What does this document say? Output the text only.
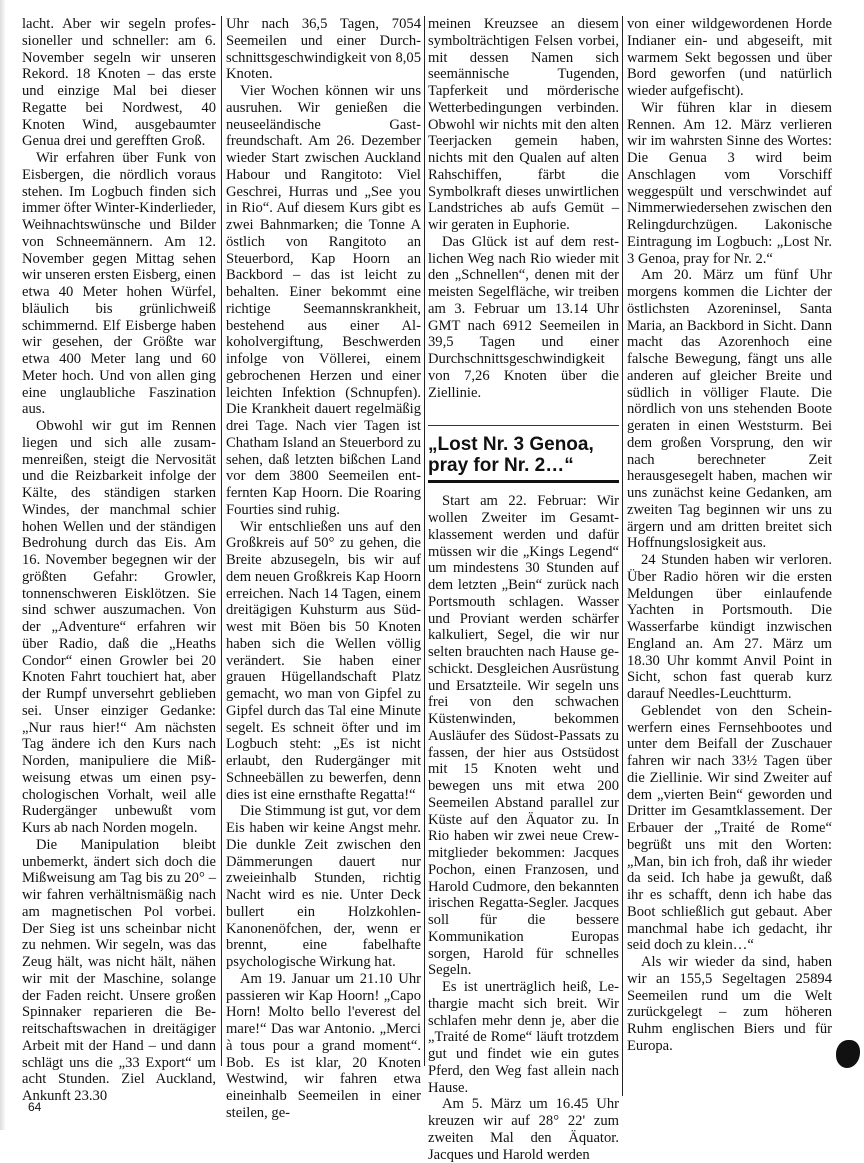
lacht. Aber wir segeln professioneller und schneller: am 6. November segeln wir unseren Rekord. 18 Knoten – das erste und einzige Mal bei dieser Regatte bei Nordwest, 40 Knoten Wind, ausgebaumter Genua drei und gerefften Groß.

Wir erfahren über Funk von Eisbergen, die nördlich voraus stehen. Im Logbuch finden sich immer öfter Winter-Kinderlieder, Weihnachtswünsche und Bilder von Schneemännern. Am 12. November gegen Mittag sehen wir unseren ersten Eisberg, einen etwa 40 Meter hohen Würfel, bläulich bis grünlichweiß schimmernd. Elf Eisberge haben wir gesehen, der Größte war etwa 400 Meter lang und 60 Meter hoch. Und von allen ging eine unglaubliche Faszination aus.

Obwohl wir gut im Rennen liegen und sich alle zusammenreißen, steigt die Nervosität und die Reizbarkeit infolge der Kälte, des ständigen starken Windes, der manchmal schier hohen Wellen und der ständigen Bedrohung durch das Eis. Am 16. November begegnen wir der größten Gefahr: Growler, tonnenschweren Eisklötzen. Sie sind schwer auszumachen. Von der „Adventure“ erfahren wir über Radio, daß die „Heaths Condor“ einen Growler bei 20 Knoten Fahrt touchiert hat, aber der Rumpf unversehrt geblieben sei. Unser einziger Gedanke: „Nur raus hier!“ Am nächsten Tag ändere ich den Kurs nach Norden, manipuliere die Mißweisung etwas um einen psychologischen Vorhalt, weil alle Rudergänger unbewußt vom Kurs ab nach Norden mogeln.

Die Manipulation bleibt unbemerkt, ändert sich doch die Mißweisung am Tag bis zu 20° – wir fahren verhältnismäßig nach am magnetischen Pol vorbei. Der Sieg ist uns scheinbar nicht zu nehmen. Wir segeln, was das Zeug hält, was nicht hält, nähen wir mit der Maschine, solange der Faden reicht. Unsere großen Spinnaker reparieren die Bereitschaftswachen in dreitägiger Arbeit mit der Hand – und dann schlägt uns die „33 Export“ um acht Stunden. Ziel Auckland, Ankunft 23.30

Uhr nach 36,5 Tagen, 7054 Seemeilen und einer Durchschnittsgeschwindigkeit von 8,05 Knoten.

Vier Wochen können wir uns ausruhen. Wir genießen die neuseeländische Gastfreundschaft. Am 26. Dezember wieder Start zwischen Auckland Habour und Rangitoto: Viel Geschrei, Hurras und „See you in Rio“. Auf diesem Kurs gibt es zwei Bahnmarken; die Tonne A östlich von Rangitoto an Steuerbord, Kap Hoorn an Backbord – das ist leicht zu behalten. Einer bekommt eine richtige Seemannskrankheit, bestehend aus einer Alkoholvergiftung, Beschwerden infolge von Völlerei, einem gebrochenen Herzen und einer leichten Infektion (Schnupfen). Die Krankheit dauert regelmäßig drei Tage. Nach vier Tagen ist Chatham Island an Steuerbord zu sehen, daß letzten bißchen Land vor dem 3800 Seemeilen entfernten Kap Hoorn. Die Roaring Fourties sind ruhig.

Wir entschließen uns auf den Großkreis auf 50° zu gehen, die Breite abzusegeln, bis wir auf dem neuen Großkreis Kap Hoorn erreichen. Nach 14 Tagen, einem dreitägigen Kuhsturm aus Südwest mit Böen bis 50 Knoten haben sich die Wellen völlig verändert. Sie haben einer grauen Hügellandschaft Platz gemacht, wo man von Gipfel zu Gipfel durch das Tal eine Minute segelt. Es schneit öfter und im Logbuch steht: „Es ist nicht erlaubt, den Rudergänger mit Schneebällen zu bewerfen, denn dies ist eine ernsthafte Regatta!“

Die Stimmung ist gut, vor dem Eis haben wir keine Angst mehr. Die dunkle Zeit zwischen den Dämmerungen dauert nur zweieinhalb Stunden, richtig Nacht wird es nie. Unter Deck bullert ein Holzkohlen-Kanonenöfchen, der, wenn er brennt, eine fabelhafte psychologische Wirkung hat.

Am 19. Januar um 21.10 Uhr passieren wir Kap Hoorn! „Capo Horn! Molto bello l'everest del mare!“ Das war Antonio. „Merci à tous pour a grand moment“. Bob. Es ist klar, 20 Knoten Westwind, wir fahren etwa eineinhalb Seemeilen in einer steilen, ge-

meinen Kreuzsee an diesem symbolträchtigen Felsen vorbei, mit dessen Namen sich seemännische Tugenden, Tapferkeit und mörderische Wetterbedingungen verbinden. Obwohl wir nichts mit den alten Teerjacken gemein haben, nichts mit den Qualen auf alten Rahschiffen, färbt die Symbolkraft dieses unwirtlichen Landstriches ab aufs Gemüt – wir geraten in Euphorie.

Das Glück ist auf dem restlichen Weg nach Rio wieder mit den „Schnellen“, denen mit der meisten Segelfläche, wir treiben am 3. Februar um 13.14 Uhr GMT nach 6912 Seemeilen in 39,5 Tagen und einer Durchschnittsgeschwindigkeit von 7,26 Knoten über die Ziellinie.

„Lost Nr. 3 Genoa, pray for Nr. 2…“

Start am 22. Februar: Wir wollen Zweiter im Gesamtklassement werden und dafür müssen wir die „Kings Legend“ um mindestens 30 Stunden auf dem letzten „Bein“ zurück nach Portsmouth schlagen. Wasser und Proviant werden schärfer kalkuliert, Segel, die wir nur selten brauchten nach Hause geschickt. Desgleichen Ausrüstung und Ersatzteile. Wir segeln uns frei von den schwachen Küstenwinden, bekommen Ausläufer des Südost-Passats zu fassen, der hier aus Ostsüdost mit 15 Knoten weht und bewegen uns mit etwa 200 Seemeilen Abstand parallel zur Küste auf den Äquator zu. In Rio haben wir zwei neue Crewmitglieder bekommen: Jacques Pochon, einen Franzosen, und Harold Cudmore, den bekannten irischen Regatta-Segler. Jacques soll für die bessere Kommunikation Europas sorgen, Harold für schnelles Segeln.

Es ist unerträglich heiß, Lethargie macht sich breit. Wir schlafen mehr denn je, aber die „Traité de Rome“ läuft trotzdem gut und findet wie ein gutes Pferd, den Weg fast allein nach Hause.

Am 5. März um 16.45 Uhr kreuzen wir auf 28° 22' zum zweiten Mal den Äquator. Jacques und Harold werden

von einer wildgewordenen Horde Indianer ein- und abgeseift, mit warmem Sekt begossen und über Bord geworfen (und natürlich wieder aufgefischt).

Wir führen klar in diesem Rennen. Am 12. März verlieren wir im wahrsten Sinne des Wortes: Die Genua 3 wird beim Anschlagen vom Vorschiff weggespült und verschwindet auf Nimmerwiedersehen zwischen den Relingdurchzügen. Lakonische Eintragung im Logbuch: „Lost Nr. 3 Genoa, pray for Nr. 2.“

Am 20. März um fünf Uhr morgens kommen die Lichter der östlichsten Azoreninsel, Santa Maria, an Backbord in Sicht. Dann macht das Azorenhoch eine falsche Bewegung, fängt uns alle anderen auf gleicher Breite und südlich in völliger Flaute. Die nördlich von uns stehenden Boote geraten in einen Weststurm. Bei dem großen Vorsprung, den wir nach berechneter Zeit herausgesegelt haben, machen wir uns zunächst keine Gedanken, am zweiten Tag beginnen wir uns zu ärgern und am dritten breitet sich Hoffnungslosigkeit aus.

24 Stunden haben wir verloren. Über Radio hören wir die ersten Meldungen über einlaufende Yachten in Portsmouth. Die Wasserfarbe kündigt inzwischen England an. Am 27. März um 18.30 Uhr kommt Anvil Point in Sicht, schon fast querab kurz darauf Needles-Leuchtturm.

Geblendet von den Scheinwerfern eines Fernsehbootes und unter dem Beifall der Zuschauer fahren wir nach 33½ Tagen über die Ziellinie. Wir sind Zweiter auf dem „vierten Bein“ geworden und Dritter im Gesamtklassement. Der Erbauer der „Traité de Rome“ begrüßt uns mit den Worten: „Man, bin ich froh, daß ihr wieder da seid. Ich habe ja gewußt, daß ihr es schafft, denn ich habe das Boot schließlich gut gebaut. Aber manchmal habe ich gedacht, ihr seid doch zu klein…“

Als wir wieder da sind, haben wir an 155,5 Segeltagen 25894 Seemeilen rund um die Welt zurückgelegt – zum höheren Ruhm englischen Biers und für Europa.

64
